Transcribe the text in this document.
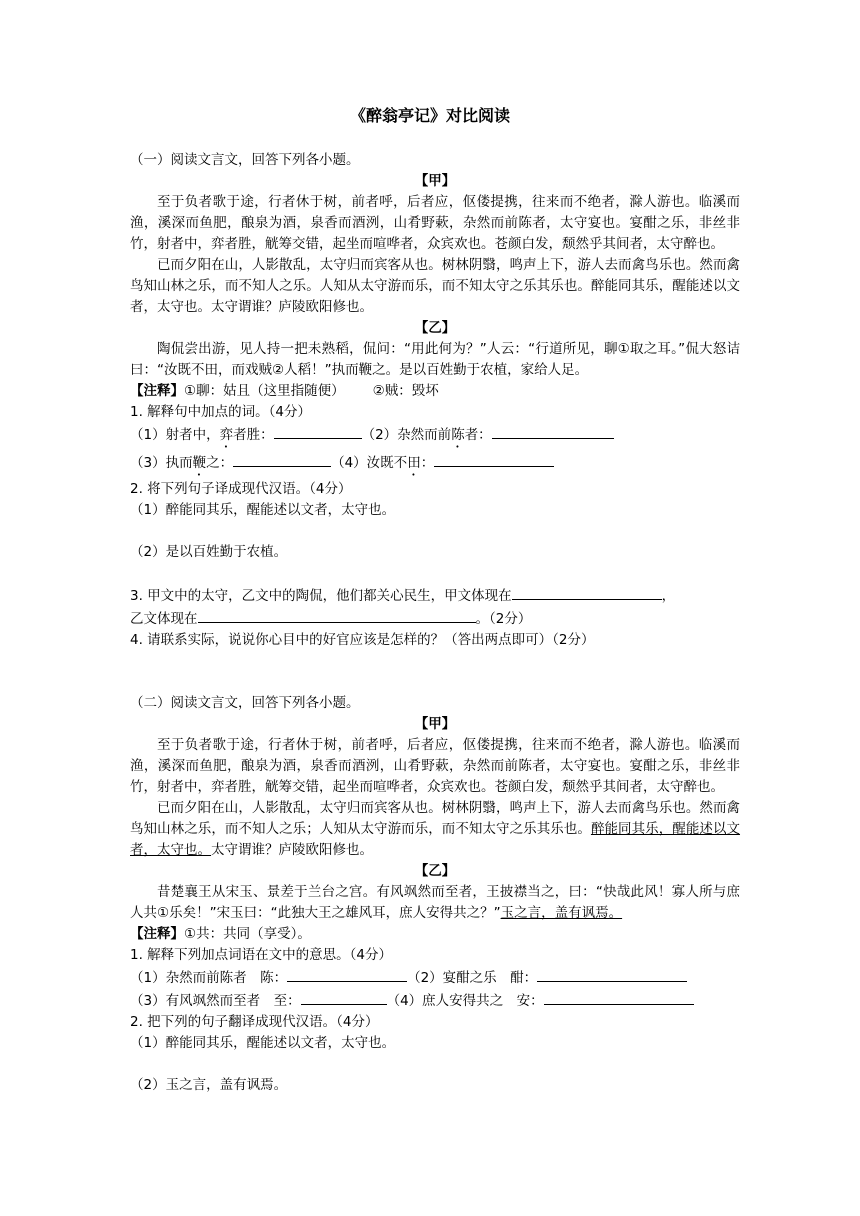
《醉翁亭记》对比阅读
（一）阅读文言文，回答下列各小题。
【甲】

至于负者歌于途，行者休于树，前者呼，后者应，伛偻提携，往来而不绝者，滁人游也。临溪而渔，溪深而鱼肥，酿泉为酒，泉香而酒洌，山肴野蔌，杂然而前陈者，太守宴也。宴酣之乐，非丝非竹，射者中，弈者胜，觥筹交错，起坐而喧哗者，众宾欢也。苍颜白发，颓然乎其间者，太守醉也。

已而夕阳在山，人影散乱，太守归而宾客从也。树林阴翳，鸣声上下，游人去而禽鸟乐也。然而禽鸟知山林之乐，而不知人之乐。人知从太守游而乐，而不知太守之乐其乐也。醉能同其乐，醒能述以文者，太守也。太守谓谁？庐陵欧阳修也。

【乙】

陶侃尝出游，见人持一把未熟稻，侃问：“用此何为？”人云：“行道所见，聊①取之耳。”侃大怒诘曰：“汝既不田，而戏贼②人稻！”执而鞭之。是以百姓勤于农植，家给人足。

【注释】①聊：姑且（这里指随便） ②贼：毁坏
1. 解释句中加点的词。（4分）
（1）射者中，弈者胜：	（2）杂然而前陈者：
（3）执而鞭之：	（4）汝既不田：
2. 将下列句子译成现代汉语。（4分）
（1）醉能同其乐，醒能述以文者，太守也。
（2）是以百姓勤于农植。
3. 甲文中的太守，乙文中的陶侃，他们都关心民生，甲文体现在	，
乙文体现在	。（2分）
4. 请联系实际，说说你心目中的好官应该是怎样的？（答出两点即可）（2分）
（二）阅读文言文，回答下列各小题。
【甲】

至于负者歌于途，行者休于树，前者呼，后者应，伛偻提携，往来而不绝者，滁人游也。临溪而渔，溪深而鱼肥，酿泉为酒，泉香而酒洌，山肴野蔌，杂然而前陈者，太守宴也。宴酣之乐，非丝非竹，射者中，弈者胜，觥筹交错，起坐而喧哗者，众宾欢也。苍颜白发，颓然乎其间者，太守醉也。

已而夕阳在山，人影散乱，太守归而宾客从也。树林阴翳，鸣声上下，游人去而禽鸟乐也。然而禽鸟知山林之乐，而不知人之乐；人知从太守游而乐，而不知太守之乐其乐也。醉能同其乐，醒能述以文者，太守也。太守谓谁？庐陵欧阳修也。

【乙】

昔楚襄王从宋玉、景差于兰台之宫。有风飒然而至者，王披襟当之，曰：“快哉此风！寡人所与庶人共①乐矣！”宋玉曰：“此独大王之雄风耳，庶人安得共之？”玉之言，盖有讽焉。

【注释】①共：共同（享受）。
1. 解释下列加点词语在文中的意思。（4分）
（1）杂然而前陈者　陈：	（2）宴酣之乐　酣：
（3）有风飒然而至者　至：	（4）庶人安得共之　安：
2. 把下列的句子翻译成现代汉语。（4分）
（1）醉能同其乐，醒能述以文者，太守也。
（2）玉之言，盖有讽焉。
